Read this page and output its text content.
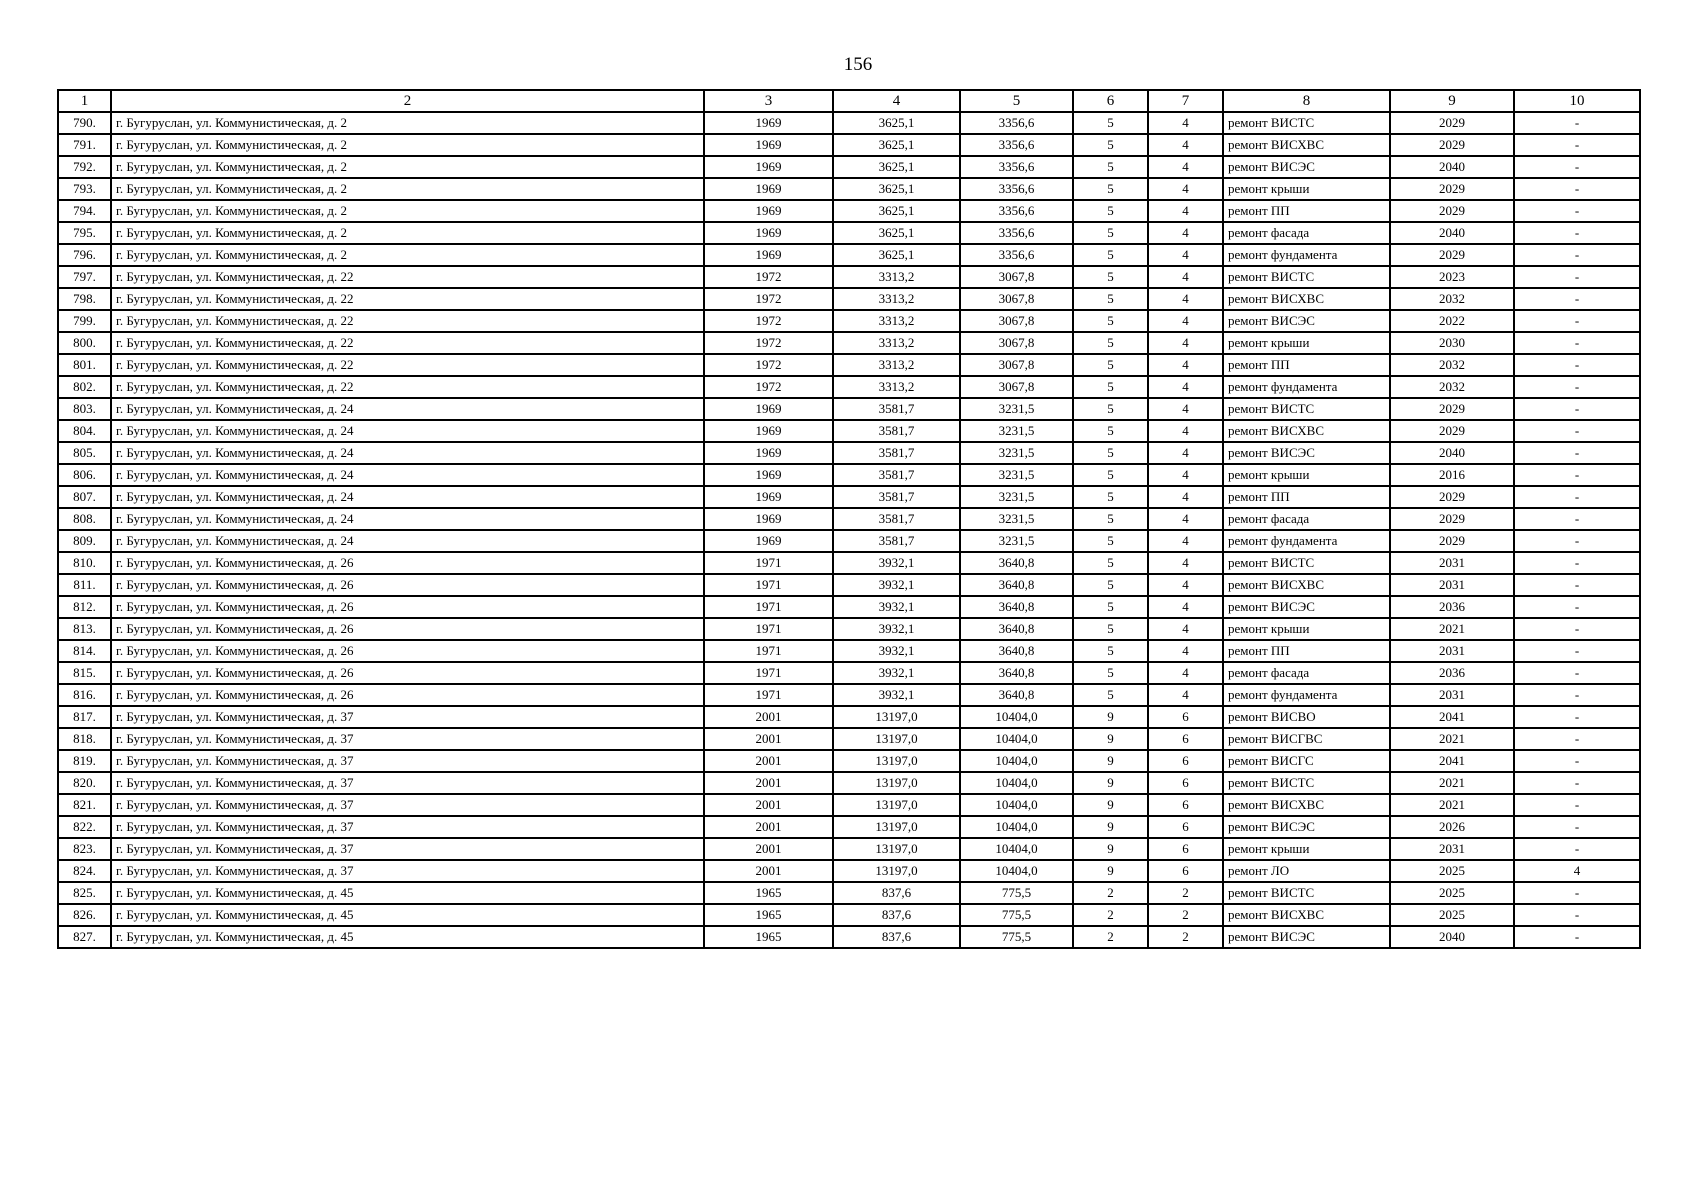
156
1	2	3	4	5	6	7	8	9	10
790.	г. Бугуруслан, ул. Коммунистическая, д. 2	1969	3625,1	3356,6	5	4	ремонт ВИСТС	2029	-
791.	г. Бугуруслан, ул. Коммунистическая, д. 2	1969	3625,1	3356,6	5	4	ремонт ВИСХВС	2029	-
792.	г. Бугуруслан, ул. Коммунистическая, д. 2	1969	3625,1	3356,6	5	4	ремонт ВИСЭС	2040	-
793.	г. Бугуруслан, ул. Коммунистическая, д. 2	1969	3625,1	3356,6	5	4	ремонт крыши	2029	-
794.	г. Бугуруслан, ул. Коммунистическая, д. 2	1969	3625,1	3356,6	5	4	ремонт ПП	2029	-
795.	г. Бугуруслан, ул. Коммунистическая, д. 2	1969	3625,1	3356,6	5	4	ремонт фасада	2040	-
796.	г. Бугуруслан, ул. Коммунистическая, д. 2	1969	3625,1	3356,6	5	4	ремонт фундамента	2029	-
797.	г. Бугуруслан, ул. Коммунистическая, д. 22	1972	3313,2	3067,8	5	4	ремонт ВИСТС	2023	-
798.	г. Бугуруслан, ул. Коммунистическая, д. 22	1972	3313,2	3067,8	5	4	ремонт ВИСХВС	2032	-
799.	г. Бугуруслан, ул. Коммунистическая, д. 22	1972	3313,2	3067,8	5	4	ремонт ВИСЭС	2022	-
800.	г. Бугуруслан, ул. Коммунистическая, д. 22	1972	3313,2	3067,8	5	4	ремонт крыши	2030	-
801.	г. Бугуруслан, ул. Коммунистическая, д. 22	1972	3313,2	3067,8	5	4	ремонт ПП	2032	-
802.	г. Бугуруслан, ул. Коммунистическая, д. 22	1972	3313,2	3067,8	5	4	ремонт фундамента	2032	-
803.	г. Бугуруслан, ул. Коммунистическая, д. 24	1969	3581,7	3231,5	5	4	ремонт ВИСТС	2029	-
804.	г. Бугуруслан, ул. Коммунистическая, д. 24	1969	3581,7	3231,5	5	4	ремонт ВИСХВС	2029	-
805.	г. Бугуруслан, ул. Коммунистическая, д. 24	1969	3581,7	3231,5	5	4	ремонт ВИСЭС	2040	-
806.	г. Бугуруслан, ул. Коммунистическая, д. 24	1969	3581,7	3231,5	5	4	ремонт крыши	2016	-
807.	г. Бугуруслан, ул. Коммунистическая, д. 24	1969	3581,7	3231,5	5	4	ремонт ПП	2029	-
808.	г. Бугуруслан, ул. Коммунистическая, д. 24	1969	3581,7	3231,5	5	4	ремонт фасада	2029	-
809.	г. Бугуруслан, ул. Коммунистическая, д. 24	1969	3581,7	3231,5	5	4	ремонт фундамента	2029	-
810.	г. Бугуруслан, ул. Коммунистическая, д. 26	1971	3932,1	3640,8	5	4	ремонт ВИСТС	2031	-
811.	г. Бугуруслан, ул. Коммунистическая, д. 26	1971	3932,1	3640,8	5	4	ремонт ВИСХВС	2031	-
812.	г. Бугуруслан, ул. Коммунистическая, д. 26	1971	3932,1	3640,8	5	4	ремонт ВИСЭС	2036	-
813.	г. Бугуруслан, ул. Коммунистическая, д. 26	1971	3932,1	3640,8	5	4	ремонт крыши	2021	-
814.	г. Бугуруслан, ул. Коммунистическая, д. 26	1971	3932,1	3640,8	5	4	ремонт ПП	2031	-
815.	г. Бугуруслан, ул. Коммунистическая, д. 26	1971	3932,1	3640,8	5	4	ремонт фасада	2036	-
816.	г. Бугуруслан, ул. Коммунистическая, д. 26	1971	3932,1	3640,8	5	4	ремонт фундамента	2031	-
817.	г. Бугуруслан, ул. Коммунистическая, д. 37	2001	13197,0	10404,0	9	6	ремонт ВИСВО	2041	-
818.	г. Бугуруслан, ул. Коммунистическая, д. 37	2001	13197,0	10404,0	9	6	ремонт ВИСГВС	2021	-
819.	г. Бугуруслан, ул. Коммунистическая, д. 37	2001	13197,0	10404,0	9	6	ремонт ВИСГС	2041	-
820.	г. Бугуруслан, ул. Коммунистическая, д. 37	2001	13197,0	10404,0	9	6	ремонт ВИСТС	2021	-
821.	г. Бугуруслан, ул. Коммунистическая, д. 37	2001	13197,0	10404,0	9	6	ремонт ВИСХВС	2021	-
822.	г. Бугуруслан, ул. Коммунистическая, д. 37	2001	13197,0	10404,0	9	6	ремонт ВИСЭС	2026	-
823.	г. Бугуруслан, ул. Коммунистическая, д. 37	2001	13197,0	10404,0	9	6	ремонт крыши	2031	-
824.	г. Бугуруслан, ул. Коммунистическая, д. 37	2001	13197,0	10404,0	9	6	ремонт ЛО	2025	4
825.	г. Бугуруслан, ул. Коммунистическая, д. 45	1965	837,6	775,5	2	2	ремонт ВИСТС	2025	-
826.	г. Бугуруслан, ул. Коммунистическая, д. 45	1965	837,6	775,5	2	2	ремонт ВИСХВС	2025	-
827.	г. Бугуруслан, ул. Коммунистическая, д. 45	1965	837,6	775,5	2	2	ремонт ВИСЭС	2040	-
